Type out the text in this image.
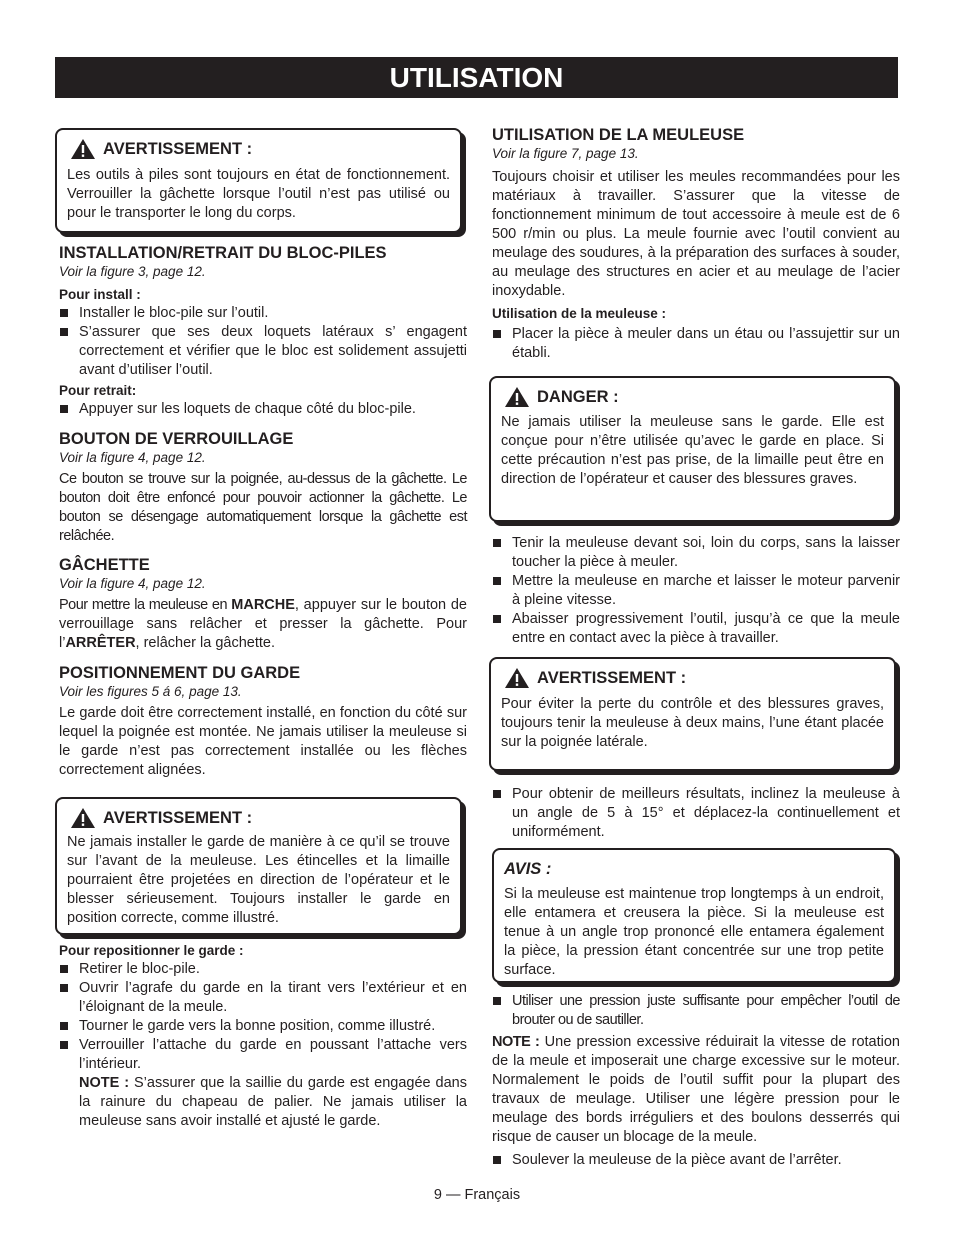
UTILISATION
AVERTISSEMENT :

Les outils à piles sont toujours en état de fonctionnement. Verrouiller la gâchette lorsque l’outil n’est pas utilisé ou pour le transporter le long du corps.

INSTALLATION/RETRAIT DU BLOC-PILES

Voir la figure 3, page 12.

Pour install :

Installer le bloc-pile sur l’outil.
S’assurer que ses deux loquets latéraux s’ engagent correctement et vérifier que le bloc est solidement assujetti avant d’utiliser l’outil.

Pour retrait:

Appuyer sur les loquets de chaque côté du bloc-pile.

BOUTON DE VERROUILLAGE

Voir la figure 4, page 12.

Ce bouton se trouve sur la poignée, au-dessus de la gâchette. Le bouton doit être enfoncé pour pouvoir actionner la gâchette. Le bouton se désengage automatiquement lorsque la gâchette est relâchée.

GÂCHETTE

Voir la figure 4, page 12.

Pour mettre la meuleuse en MARCHE, appuyer sur le bouton de verrouillage sans relâcher et presser la gâchette. Pour l’ARRÊTER, relâcher la gâchette.

POSITIONNEMENT DU GARDE

Voir les figures 5 á 6, page 13.

Le garde doit être correctement installé, en fonction du côté sur lequel la poignée est montée. Ne jamais utiliser la meuleuse si le garde n’est pas correctement installée ou les flèches correctement alignées.

AVERTISSEMENT :

Ne jamais installer le garde de manière à ce qu’il se trouve sur l’avant de la meuleuse. Les étincelles et la limaille pourraient être projetées en direction de l’opérateur et le blesser sérieusement. Toujours installer le garde en position correcte, comme illustré.

Pour repositionner le garde :

Retirer le bloc-pile.
Ouvrir l’agrafe du garde en la tirant vers l’extérieur et en l’éloignant de la meule.
Tourner le garde vers la bonne position, comme illustré.
Verrouiller l’attache du garde en poussant l’attache vers l’intérieur.

NOTE : S’assurer que la saillie du garde est engagée dans la rainure du chapeau de palier. Ne jamais utiliser la meuleuse sans avoir installé et ajusté le garde.

UTILISATION DE LA MEULEUSE

Voir la figure 7, page 13.

Toujours choisir et utiliser les meules recommandées pour les matériaux à travailler. S’assurer que la vitesse de fonctionnement minimum de tout accessoire à meule est de 6 500 r/min ou plus. La meule fournie avec l’outil convient au meulage des soudures, à la préparation des surfaces à souder, au meulage des structures en acier et au meulage de l’acier inoxydable.

Utilisation de la meuleuse :

Placer la pièce à meuler dans un étau ou l’assujettir sur un établi.
DANGER :

Ne jamais utiliser la meuleuse sans le garde. Elle est conçue pour n’être utilisée qu’avec le garde en place. Si cette précaution n’est pas prise, de la limaille peut être en direction de l’opérateur et causer des blessures graves.

Tenir la meuleuse devant soi, loin du corps, sans la laisser toucher la pièce à meuler.
Mettre la meuleuse en marche et laisser le moteur parvenir à pleine vitesse.
Abaisser progressivement l’outil, jusqu’à ce que la meule entre en contact avec la pièce à travailler.
AVERTISSEMENT :

Pour éviter la perte du contrôle et des blessures graves, toujours tenir la meuleuse à deux mains, l’une étant placée sur la poignée latérale.

Pour obtenir de meilleurs résultats, inclinez la meuleuse à un angle de 5 à 15° et déplacez-la continuellement et uniformément.
AVIS :

Si la meuleuse est maintenue trop longtemps à un endroit, elle entamera et creusera la pièce. Si la meuleuse est tenue à un angle trop prononcé elle entamera également la pièce, la pression étant concentrée sur une trop petite surface.

Utiliser une pression juste suffisante pour empêcher l’outil de brouter ou de sautiller.

NOTE : Une pression excessive réduirait la vitesse de rotation de la meule et imposerait une charge excessive sur le moteur. Normalement le poids de l’outil suffit pour la plupart des travaux de meulage. Utiliser une légère pression pour le meulage des bords irréguliers et des boulons desserrés qui risque de causer un blocage de la meule.

Soulever la meuleuse de la pièce avant de l’arrêter.
9 — Français
